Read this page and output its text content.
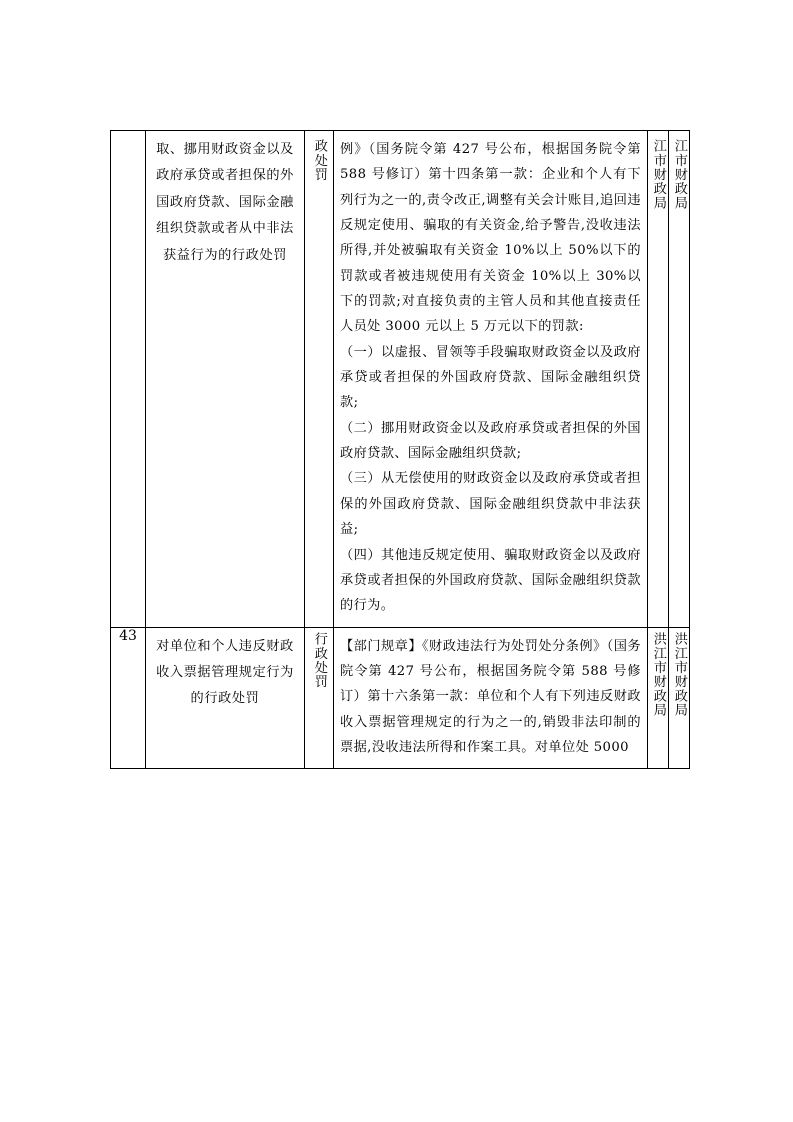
	取、挪用财政资金以及政府承贷或者担保的外国政府贷款、国际金融组织贷款或者从中非法获益行为的行政处罚	政处罚	例》（国务院令第 427 号公布，根据国务院令第 588 号修订）第十四条第一款：企业和个人有下列行为之一的,责令改正,调整有关会计账目,追回违反规定使用、骗取的有关资金,给予警告,没收违法所得,并处被骗取有关资金 10%以上 50%以下的罚款或者被违规使用有关资金 10%以上 30%以下的罚款;对直接负责的主管人员和其他直接责任人员处 3000 元以上 5 万元以下的罚款:

（一）以虚报、冒领等手段骗取财政资金以及政府承贷或者担保的外国政府贷款、国际金融组织贷款;

（二）挪用财政资金以及政府承贷或者担保的外国政府贷款、国际金融组织贷款;

（三）从无偿使用的财政资金以及政府承贷或者担保的外国政府贷款、国际金融组织贷款中非法获益;

（四）其他违反规定使用、骗取财政资金以及政府承贷或者担保的外国政府贷款、国际金融组织贷款的行为。	江市财政局	江市财政局

43	对单位和个人违反财政收入票据管理规定行为的行政处罚	行政处罚	【部门规章】《财政违法行为处罚处分条例》（国务院令第 427 号公布，根据国务院令第 588 号修订）第十六条第一款：单位和个人有下列违反财政收入票据管理规定的行为之一的,销毁非法印制的票据,没收违法所得和作案工具。对单位处 5000	洪江市财政局	洪江市财政局
